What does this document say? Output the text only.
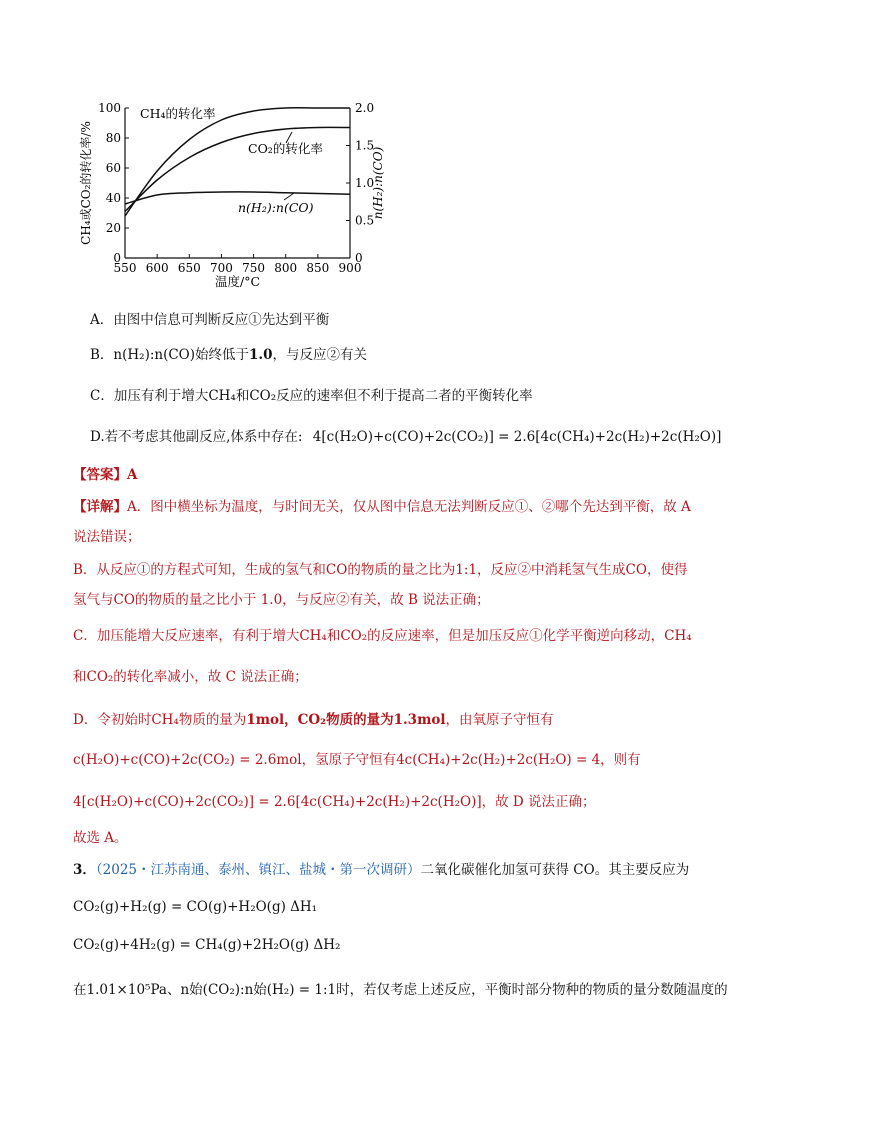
550 600 650 700 750 800 850 900
0
20
40
60
80
100
0
0.5
1.0
1.5
2.0
温度/°C
CH₄或CO₂的转化率/%	n(H₂):n(CO)
CH₄的转化率
CO₂的转化率
n(H₂):n(CO)
A．由图中信息可判断反应①先达到平衡
B．n(H₂):n(CO)始终低于1.0，与反应②有关
C．加压有利于增大CH₄和CO₂反应的速率但不利于提高二者的平衡转化率
D.若不考虑其他副反应,体系中存在: 4[c(H₂O)+c(CO)+2c(CO₂)] = 2.6[4c(CH₄)+2c(H₂)+2c(H₂O)]
【答案】A
【详解】A．图中横坐标为温度，与时间无关，仅从图中信息无法判断反应①、②哪个先达到平衡，故 A
说法错误；
B．从反应①的方程式可知，生成的氢气和CO的物质的量之比为1:1，反应②中消耗氢气生成CO，使得
氢气与CO的物质的量之比小于 1.0，与反应②有关，故 B 说法正确；
C．加压能增大反应速率，有利于增大CH₄和CO₂的反应速率，但是加压反应①化学平衡逆向移动，CH₄
和CO₂的转化率减小，故 C 说法正确；
D．令初始时CH₄物质的量为1mol，CO₂物质的量为1.3mol，由氧原子守恒有
c(H₂O)+c(CO)+2c(CO₂) = 2.6mol，氢原子守恒有4c(CH₄)+2c(H₂)+2c(H₂O) = 4，则有
4[c(H₂O)+c(CO)+2c(CO₂)] = 2.6[4c(CH₄)+2c(H₂)+2c(H₂O)]，故 D 说法正确；
故选 A。
3．（2025・江苏南通、泰州、镇江、盐城・第一次调研）二氧化碳催化加氢可获得 CO。其主要反应为
CO₂(g)+H₂(g) = CO(g)+H₂O(g) ΔH₁
CO₂(g)+4H₂(g) = CH₄(g)+2H₂O(g) ΔH₂
在1.01×10⁵Pa、n始(CO₂):n始(H₂) = 1:1时，若仅考虑上述反应，平衡时部分物种的物质的量分数随温度的
